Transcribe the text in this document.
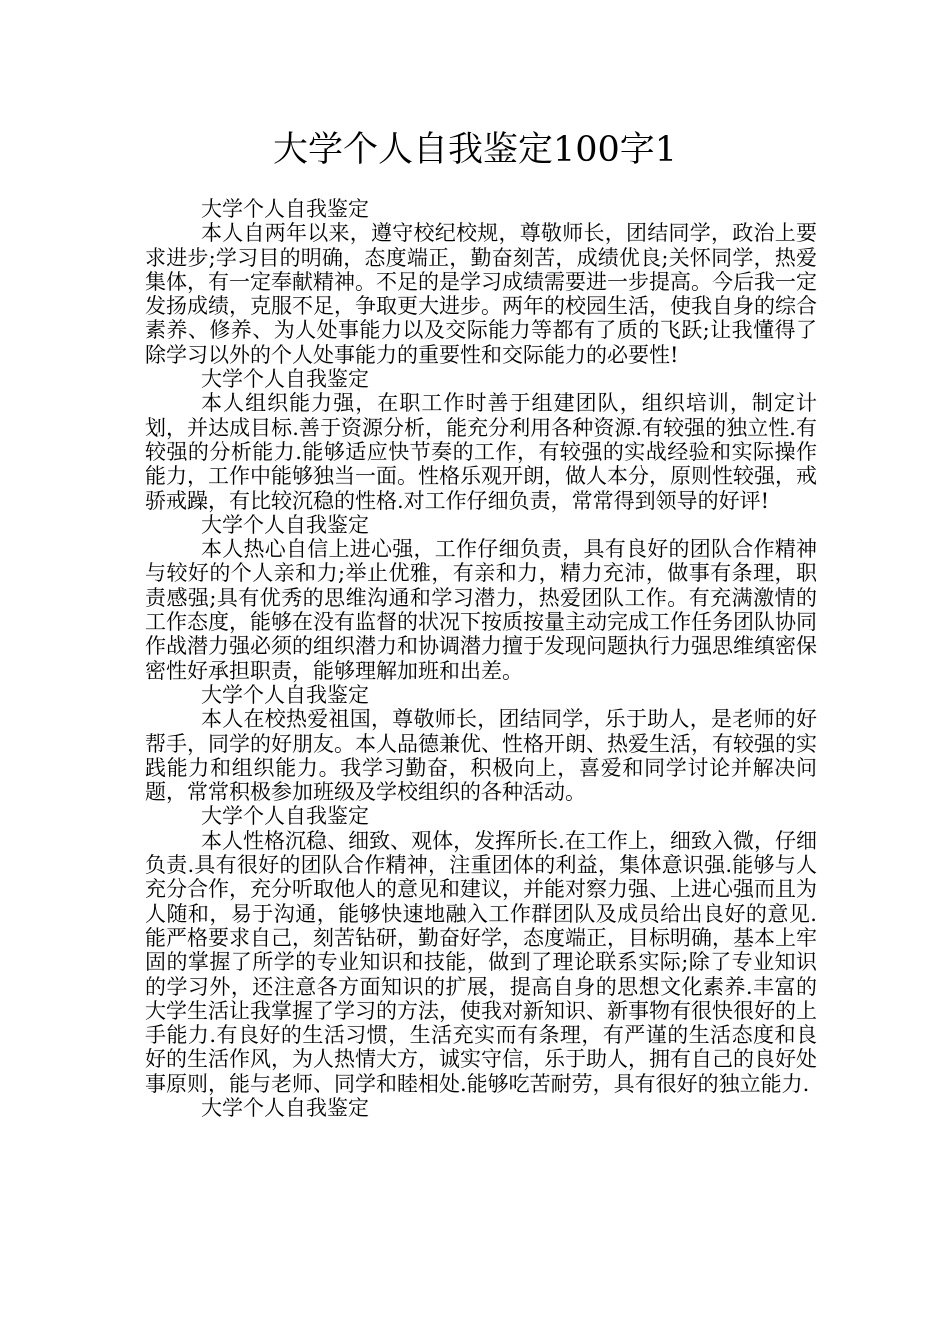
大学个人自我鉴定100字1

大学个人自我鉴定

本人自两年以来，遵守校纪校规，尊敬师长，团结同学，政治上要求进步;学习目的明确，态度端正，勤奋刻苦，成绩优良;关怀同学，热爱集体，有一定奉献精神。不足的是学习成绩需要进一步提高。今后我一定发扬成绩，克服不足，争取更大进步。两年的校园生活，使我自身的综合素养、修养、为人处事能力以及交际能力等都有了质的飞跃;让我懂得了除学习以外的个人处事能力的重要性和交际能力的必要性!

大学个人自我鉴定

本人组织能力强，在职工作时善于组建团队，组织培训，制定计划，并达成目标.善于资源分析，能充分利用各种资源.有较强的独立性.有较强的分析能力.能够适应快节奏的工作，有较强的实战经验和实际操作能力，工作中能够独当一面。性格乐观开朗，做人本分，原则性较强，戒骄戒躁，有比较沉稳的性格.对工作仔细负责，常常得到领导的好评!

大学个人自我鉴定

本人热心自信上进心强，工作仔细负责，具有良好的团队合作精神与较好的个人亲和力;举止优雅，有亲和力，精力充沛，做事有条理，职责感强;具有优秀的思维沟通和学习潜力，热爱团队工作。有充满激情的工作态度，能够在没有监督的状况下按质按量主动完成工作任务团队协同作战潜力强必须的组织潜力和协调潜力擅于发现问题执行力强思维缜密保密性好承担职责，能够理解加班和出差。

大学个人自我鉴定

本人在校热爱祖国，尊敬师长，团结同学，乐于助人，是老师的好帮手，同学的好朋友。本人品德兼优、性格开朗、热爱生活，有较强的实践能力和组织能力。我学习勤奋，积极向上，喜爱和同学讨论并解决问题，常常积极参加班级及学校组织的各种活动。

大学个人自我鉴定

本人性格沉稳、细致、观体，发挥所长.在工作上，细致入微，仔细负责.具有很好的团队合作精神，注重团体的利益，集体意识强.能够与人充分合作，充分听取他人的意见和建议，并能对察力强、上进心强而且为人随和，易于沟通，能够快速地融入工作群团队及成员给出良好的意见.能严格要求自己，刻苦钻研，勤奋好学，态度端正，目标明确，基本上牢固的掌握了所学的专业知识和技能，做到了理论联系实际;除了专业知识的学习外，还注意各方面知识的扩展，提高自身的思想文化素养.丰富的大学生活让我掌握了学习的方法，使我对新知识、新事物有很快很好的上手能力.有良好的生活习惯，生活充实而有条理，有严谨的生活态度和良好的生活作风，为人热情大方，诚实守信，乐于助人，拥有自己的良好处事原则，能与老师、同学和睦相处.能够吃苦耐劳，具有很好的独立能力.

大学个人自我鉴定
